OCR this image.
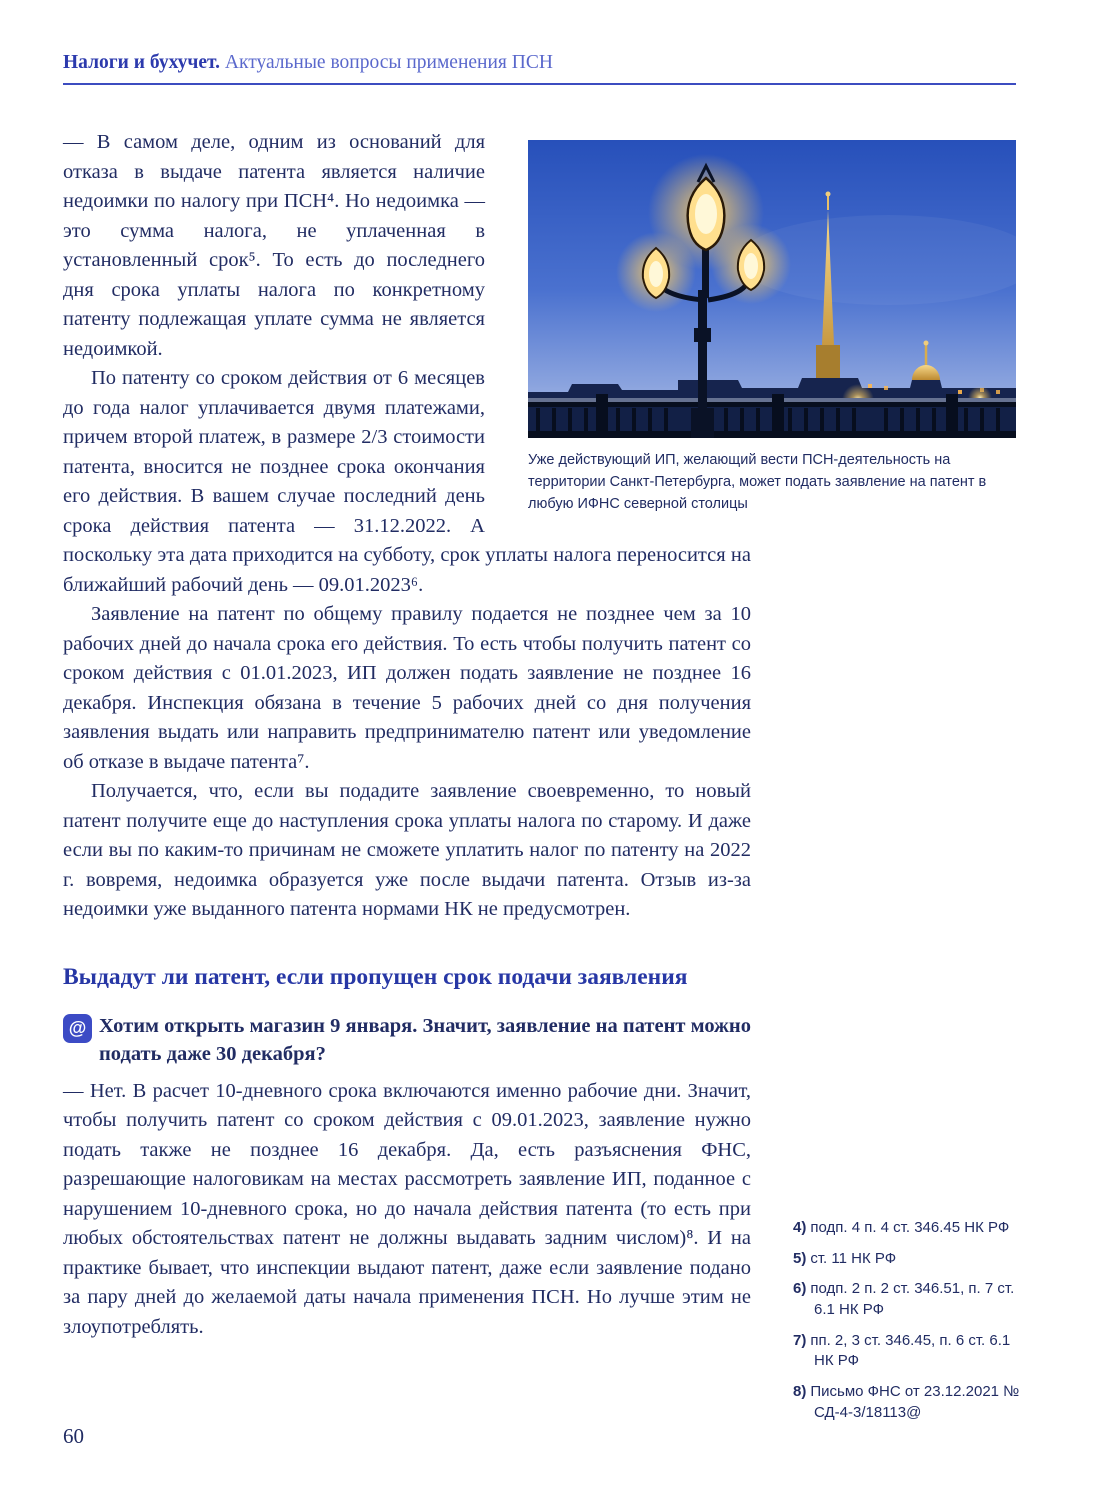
Налоги и бухучет. Актуальные вопросы применения ПСН
Уже действующий ИП, желающий вести ПСН-деятельность на территории Санкт-Петербурга, может подать заявление на патент в любую ИФНС северной столицы

— В самом деле, одним из оснований для отказа в выдаче патента является наличие недоимки по налогу при ПСН⁴. Но недоимка — это сумма налога, не уплаченная в установленный срок⁵. То есть до последнего дня срока уплаты налога по конкретному патенту подлежащая уплате сумма не является недоимкой.

По патенту со сроком действия от 6 месяцев до года налог уплачивается двумя платежами, причем второй платеж, в размере 2/3 стоимости патента, вносится не позднее срока окончания его действия. В вашем случае последний день срока действия патента — 31.12.2022. А поскольку эта дата приходится на субботу, срок уплаты налога переносится на ближайший рабочий день — 09.01.2023⁶.

Заявление на патент по общему правилу подается не позднее чем за 10 рабочих дней до начала срока его действия. То есть чтобы получить патент со сроком действия с 01.01.2023, ИП должен подать заявление не позднее 16 декабря. Инспекция обязана в течение 5 рабочих дней со дня получения заявления выдать или направить предпринимателю патент или уведомление об отказе в выдаче патента⁷.

Получается, что, если вы подадите заявление своевременно, то новый патент получите еще до наступления срока уплаты налога по старому. И даже если вы по каким-то причинам не сможете уплатить налог по патенту на 2022 г. вовремя, недоимка образуется уже после выдачи патента. Отзыв из-за недоимки уже выданного патента нормами НК не предусмотрен.

Выдадут ли патент, если пропущен срок подачи заявления
@ Хотим открыть магазин 9 января. Значит, заявление на патент можно подать даже 30 декабря?

— Нет. В расчет 10-дневного срока включаются именно рабочие дни. Значит, чтобы получить патент со сроком действия с 09.01.2023, заявление нужно подать также не позднее 16 декабря. Да, есть разъяснения ФНС, разрешающие налоговикам на местах рассмотреть заявление ИП, поданное с нарушением 10-дневного срока, но до начала действия патента (то есть при любых обстоятельствах патент не должны выдавать задним числом)⁸. И на практике бывает, что инспекции выдают патент, даже если заявление подано за пару дней до желаемой даты начала применения ПСН. Но лучше этим не злоупотреблять.

4) подп. 4 п. 4 ст. 346.45 НК РФ
5) ст. 11 НК РФ
6) подп. 2 п. 2 ст. 346.51, п. 7 ст. 6.1 НК РФ
7) пп. 2, 3 ст. 346.45, п. 6 ст. 6.1 НК РФ
8) Письмо ФНС от 23.12.2021 № СД-4-3/18113@
60
